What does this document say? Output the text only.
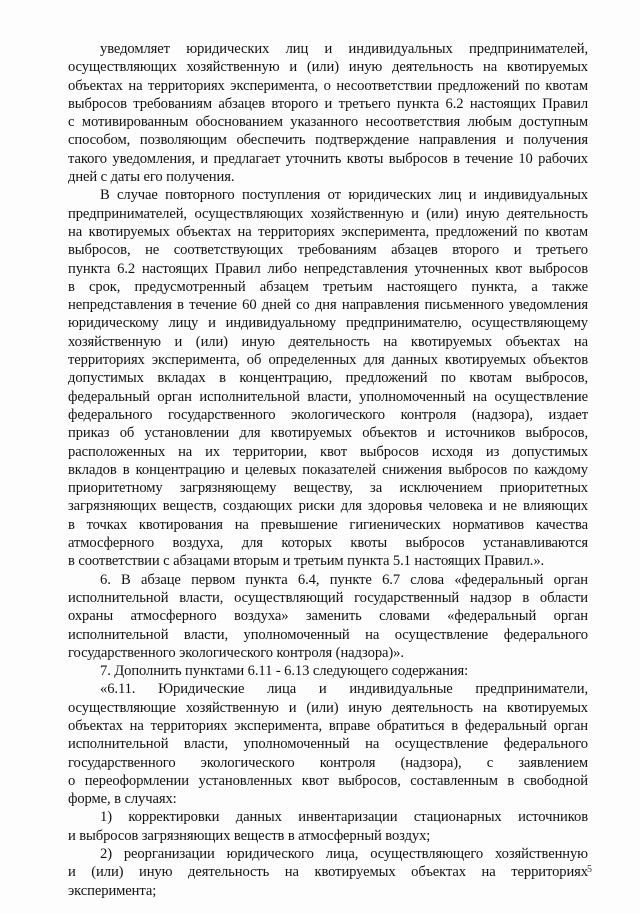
уведомляет юридических лиц и индивидуальных предпринимателей,
осуществляющих хозяйственную и (или) иную деятельность на квотируемых
объектах на территориях эксперимента, о несоответствии предложений по квотам
выбросов требованиям абзацев второго и третьего пункта 6.2 настоящих Правил
с мотивированным обоснованием указанного несоответствия любым доступным
способом, позволяющим обеспечить подтверждение направления и получения
такого уведомления, и предлагает уточнить квоты выбросов в течение 10 рабочих
дней с даты его получения.
В случае повторного поступления от юридических лиц и индивидуальных
предпринимателей, осуществляющих хозяйственную и (или) иную деятельность
на квотируемых объектах на территориях эксперимента, предложений по квотам
выбросов, не соответствующих требованиям абзацев второго и третьего
пункта 6.2 настоящих Правил либо непредставления уточненных квот выбросов
в срок, предусмотренный абзацем третьим настоящего пункта, а также
непредставления в течение 60 дней со дня направления письменного уведомления
юридическому лицу и индивидуальному предпринимателю, осуществляющему
хозяйственную и (или) иную деятельность на квотируемых объектах на
территориях эксперимента, об определенных для данных квотируемых объектов
допустимых вкладах в концентрацию, предложений по квотам выбросов,
федеральный орган исполнительной власти, уполномоченный на осуществление
федерального государственного экологического контроля (надзора), издает
приказ об установлении для квотируемых объектов и источников выбросов,
расположенных на их территории, квот выбросов исходя из допустимых
вкладов в концентрацию и целевых показателей снижения выбросов по каждому
приоритетному загрязняющему веществу, за исключением приоритетных
загрязняющих веществ, создающих риски для здоровья человека и не влияющих
в точках квотирования на превышение гигиенических нормативов качества
атмосферного воздуха, для которых квоты выбросов устанавливаются
в соответствии с абзацами вторым и третьим пункта 5.1 настоящих Правил.».
6. В абзаце первом пункта 6.4, пункте 6.7 слова «федеральный орган
исполнительной власти, осуществляющий государственный надзор в области
охраны атмосферного воздуха» заменить словами «федеральный орган
исполнительной власти, уполномоченный на осуществление федерального
государственного экологического контроля (надзора)».
7. Дополнить пунктами 6.11 - 6.13 следующего содержания:
«6.11. Юридические лица и индивидуальные предприниматели,
осуществляющие хозяйственную и (или) иную деятельность на квотируемых
объектах на территориях эксперимента, вправе обратиться в федеральный орган
исполнительной власти, уполномоченный на осуществление федерального
государственного экологического контроля (надзора), с заявлением
о переоформлении установленных квот выбросов, составленным в свободной
форме, в случаях:
1) корректировки данных инвентаризации стационарных источников
и выбросов загрязняющих веществ в атмосферный воздух;
2) реорганизации юридического лица, осуществляющего хозяйственную
и (или) иную деятельность на квотируемых объектах на территориях
эксперимента;
5
